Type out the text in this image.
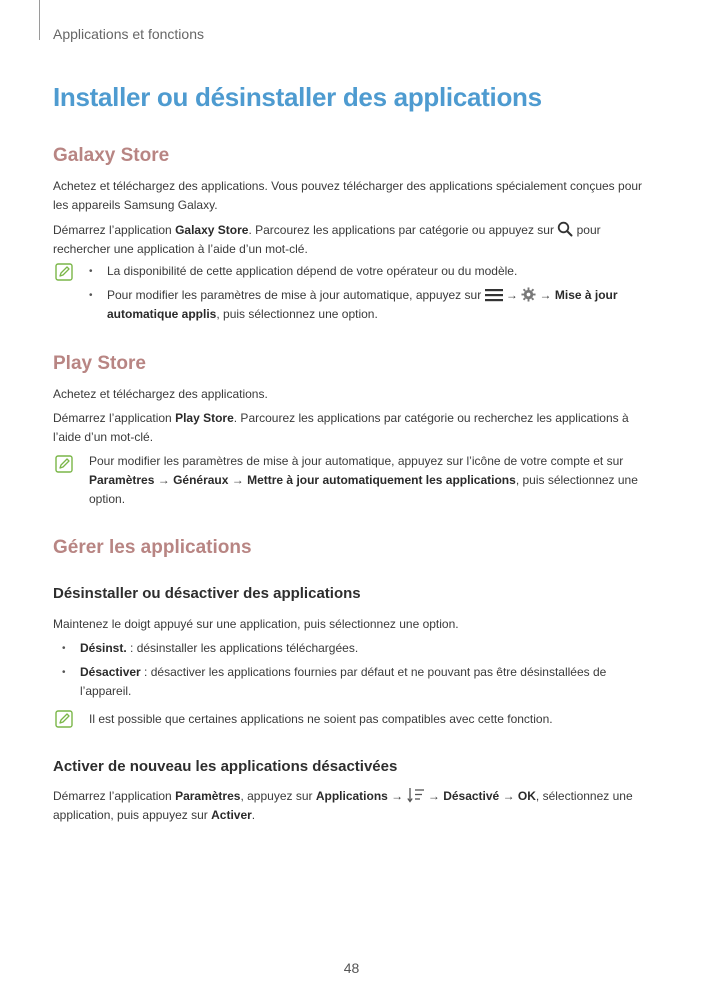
Applications et fonctions
Installer ou désinstaller des applications
Galaxy Store

Achetez et téléchargez des applications. Vous pouvez télécharger des applications spécialement conçues pour les appareils Samsung Galaxy.

Démarrez l’application Galaxy Store. Parcourez les applications par catégorie ou appuyez sur  pour rechercher une application à l’aide d’un mot-clé.

• La disponibilité de cette application dépend de votre opérateur ou du modèle.
• Pour modifier les paramètres de mise à jour automatique, appuyez sur  →  → Mise à jour automatique applis, puis sélectionnez une option.
Play Store

Achetez et téléchargez des applications.

Démarrez l’application Play Store. Parcourez les applications par catégorie ou recherchez les applications à l’aide d’un mot-clé.

Pour modifier les paramètres de mise à jour automatique, appuyez sur l’icône de votre compte et sur Paramètres → Généraux → Mettre à jour automatiquement les applications, puis sélectionnez une option.

Gérer les applications
Désinstaller ou désactiver des applications

Maintenez le doigt appuyé sur une application, puis sélectionnez une option.

• Désinst. : désinstaller les applications téléchargées.
• Désactiver : désactiver les applications fournies par défaut et ne pouvant pas être désinstallées de l’appareil.

Il est possible que certaines applications ne soient pas compatibles avec cette fonction.

Activer de nouveau les applications désactivées

Démarrez l’application Paramètres, appuyez sur Applications →  → Désactivé → OK, sélectionnez une application, puis appuyez sur Activer.

48
